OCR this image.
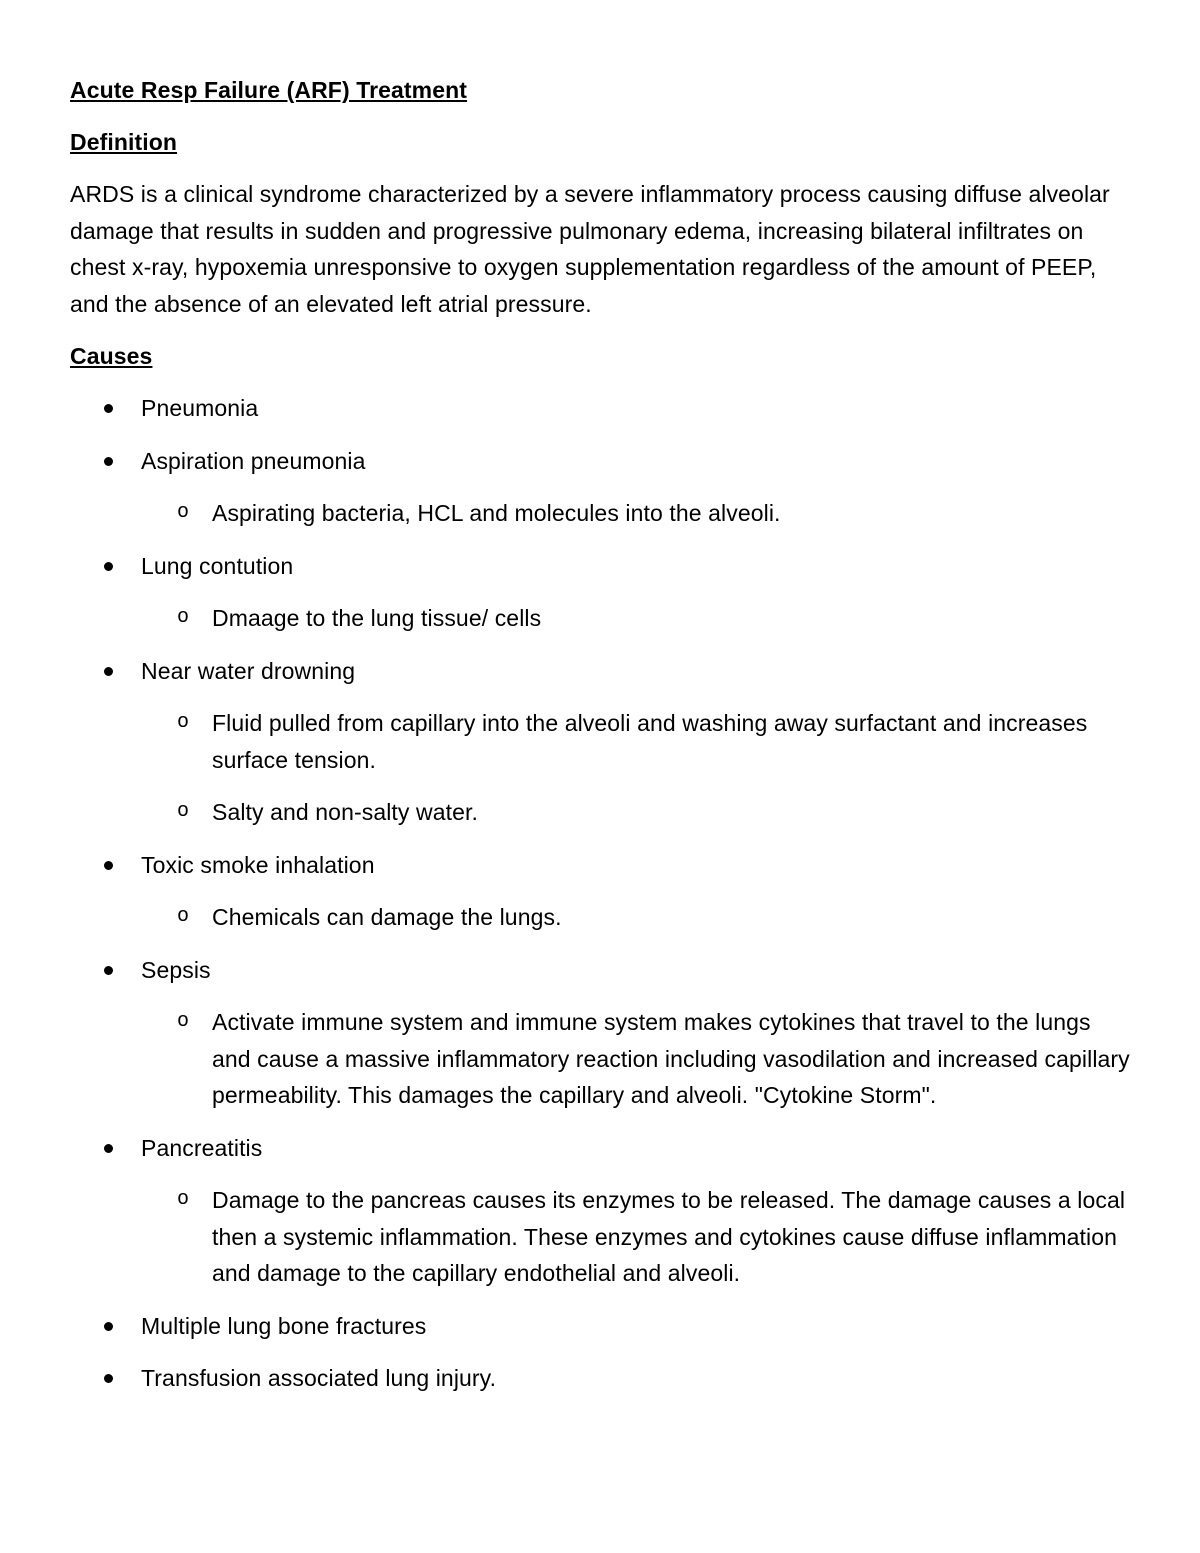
Acute Resp Failure (ARF) Treatment
Definition
ARDS is a clinical syndrome characterized by a severe inflammatory process causing diffuse alveolar damage that results in sudden and progressive pulmonary edema, increasing bilateral infiltrates on chest x-ray, hypoxemia unresponsive to oxygen supplementation regardless of the amount of PEEP, and the absence of an elevated left atrial pressure.
Causes
Pneumonia
Aspiration pneumonia
o Aspirating bacteria, HCL and molecules into the alveoli.
Lung contution
o Dmaage to the lung tissue/ cells
Near water drowning
o Fluid pulled from capillary into the alveoli and washing away surfactant and increases surface tension.
o Salty and non-salty water.
Toxic smoke inhalation
o Chemicals can damage the lungs.
Sepsis
o Activate immune system and immune system makes cytokines that travel to the lungs and cause a massive inflammatory reaction including vasodilation and increased capillary permeability. This damages the capillary and alveoli. "Cytokine Storm".
Pancreatitis
o Damage to the pancreas causes its enzymes to be released. The damage causes a local then a systemic inflammation. These enzymes and cytokines cause diffuse inflammation and damage to the capillary endothelial and alveoli.
Multiple lung bone fractures
Transfusion associated lung injury.
